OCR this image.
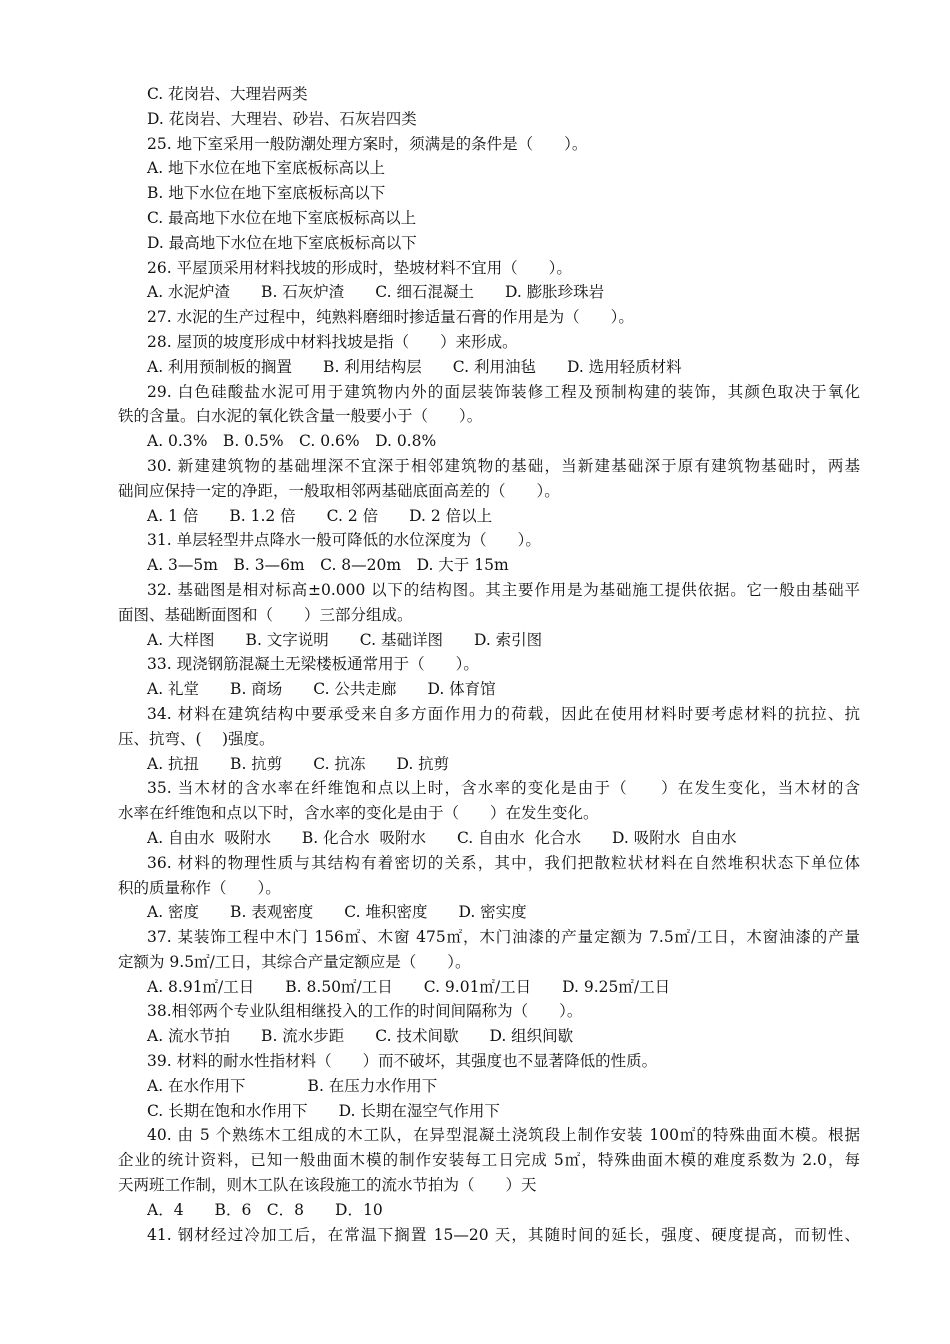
C. 花岗岩、大理岩两类
D. 花岗岩、大理岩、砂岩、石灰岩四类
25. 地下室采用一般防潮处理方案时，须满是的条件是（　　）。
A. 地下水位在地下室底板标高以上
B. 地下水位在地下室底板标高以下
C. 最高地下水位在地下室底板标高以上
D. 最高地下水位在地下室底板标高以下
26. 平屋顶采用材料找坡的形成时，垫坡材料不宜用（　　）。
A. 水泥炉渣　　B. 石灰炉渣　　C. 细石混凝土　　D. 膨胀珍珠岩
27. 水泥的生产过程中，纯熟料磨细时掺适量石膏的作用是为（　　）。
28. 屋顶的坡度形成中材料找坡是指（　　）来形成。
A. 利用预制板的搁置　　B. 利用结构层　　C. 利用油毡　　D. 选用轻质材料
29. 白色硅酸盐水泥可用于建筑物内外的面层装饰装修工程及预制构建的装饰，其颜色取决于氧化
铁的含量。白水泥的氧化铁含量一般要小于（　　）。
A. 0.3%　B. 0.5%　C. 0.6%　D. 0.8%
30. 新建建筑物的基础埋深不宜深于相邻建筑物的基础，当新建基础深于原有建筑物基础时，两基
础间应保持一定的净距，一般取相邻两基础底面高差的（　　）。
A. 1 倍　　B. 1.2 倍　　C. 2 倍　　D. 2 倍以上
31. 单层轻型井点降水一般可降低的水位深度为（　　）。
A. 3—5m　B. 3—6m　C. 8—20m　D. 大于 15m
32. 基础图是相对标高±0.000 以下的结构图。其主要作用是为基础施工提供依据。它一般由基础平
面图、基础断面图和（　　）三部分组成。
A. 大样图　　B. 文字说明　　C. 基础详图　　D. 索引图
33. 现浇钢筋混凝土无梁楼板通常用于（　　）。
A. 礼堂　　B. 商场　　C. 公共走廊　　D. 体育馆
34. 材料在建筑结构中要承受来自多方面作用力的荷载，因此在使用材料时要考虑材料的抗拉、抗
压、抗弯、(　 )强度。
A. 抗扭　　B. 抗剪　　C. 抗冻　　D. 抗剪
35. 当木材的含水率在纤维饱和点以上时，含水率的变化是由于（　　）在发生变化，当木材的含
水率在纤维饱和点以下时，含水率的变化是由于（　　）在发生变化。
A. 自由水  吸附水　　B. 化合水  吸附水　　C. 自由水  化合水　　D. 吸附水  自由水
36. 材料的物理性质与其结构有着密切的关系，其中，我们把散粒状材料在自然堆积状态下单位体
积的质量称作（　　）。
A. 密度　　B. 表观密度　　C. 堆积密度　　D. 密实度
37. 某装饰工程中木门 156㎡、木窗 475㎡，木门油漆的产量定额为 7.5㎡/工日，木窗油漆的产量
定额为 9.5㎡/工日，其综合产量定额应是（　　）。
A. 8.91㎡/工日　　B. 8.50㎡/工日　　C. 9.01㎡/工日　　D. 9.25㎡/工日
38.相邻两个专业队组相继投入的工作的时间间隔称为（　　）。
A. 流水节拍　　B. 流水步距　　C. 技术间歇　　D. 组织间歇
39. 材料的耐水性指材料（　　）而不破坏，其强度也不显著降低的性质。
A. 在水作用下　　　　B. 在压力水作用下
C. 长期在饱和水作用下　　D. 长期在湿空气作用下
40. 由 5 个熟练木工组成的木工队，在异型混凝土浇筑段上制作安装 100㎡的特殊曲面木模。根据
企业的统计资料，已知一般曲面木模的制作安装每工日完成 5㎡，特殊曲面木模的难度系数为 2.0，每
天两班工作制，则木工队在该段施工的流水节拍为（　　）天
A．4　　B．6　C．8　　D．10
41. 钢材经过冷加工后，在常温下搁置 15—20 天，其随时间的延长，强度、硬度提高，而韧性、
